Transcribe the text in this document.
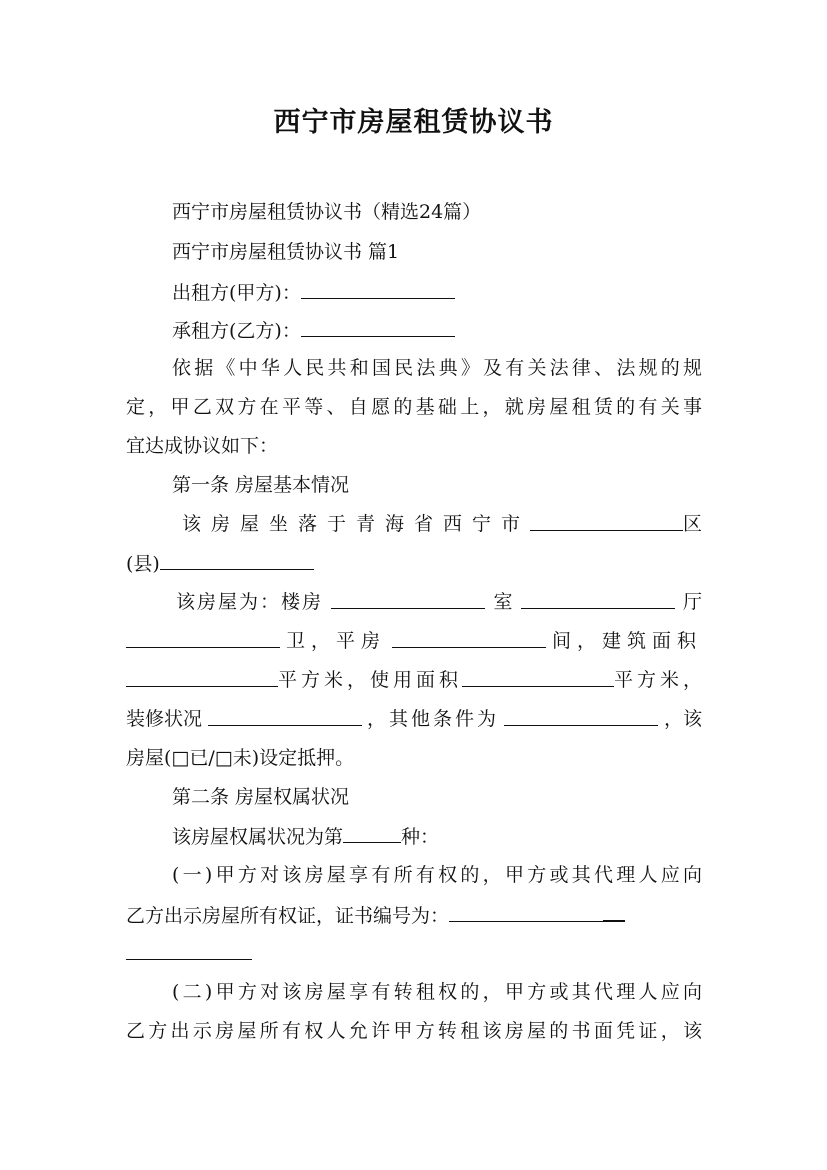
西宁市房屋租赁协议书
西宁市房屋租赁协议书（精选24篇）
西宁市房屋租赁协议书 篇1
出租方(甲方)：
承租方(乙方)：
依据《中华人民共和国民法典》及有关法律、法规的规
定，甲乙双方在平等、自愿的基础上，就房屋租赁的有关事
宜达成协议如下：
第一条 房屋基本情况
该房屋坐落于青海省西宁市	区
(县)
该房屋为：楼房	室	厅
卫，平房	间，建筑面积
平方米，使用面积	平方米，
装修状况	，其他条件为	，该
房屋(□已/□未)设定抵押。
第二条 房屋权属状况
该房屋权属状况为第	种：
(一)甲方对该房屋享有所有权的，甲方或其代理人应向
乙方出示房屋所有权证，证书编号为：
(二)甲方对该房屋享有转租权的，甲方或其代理人应向
乙方出示房屋所有权人允许甲方转租该房屋的书面凭证，该
